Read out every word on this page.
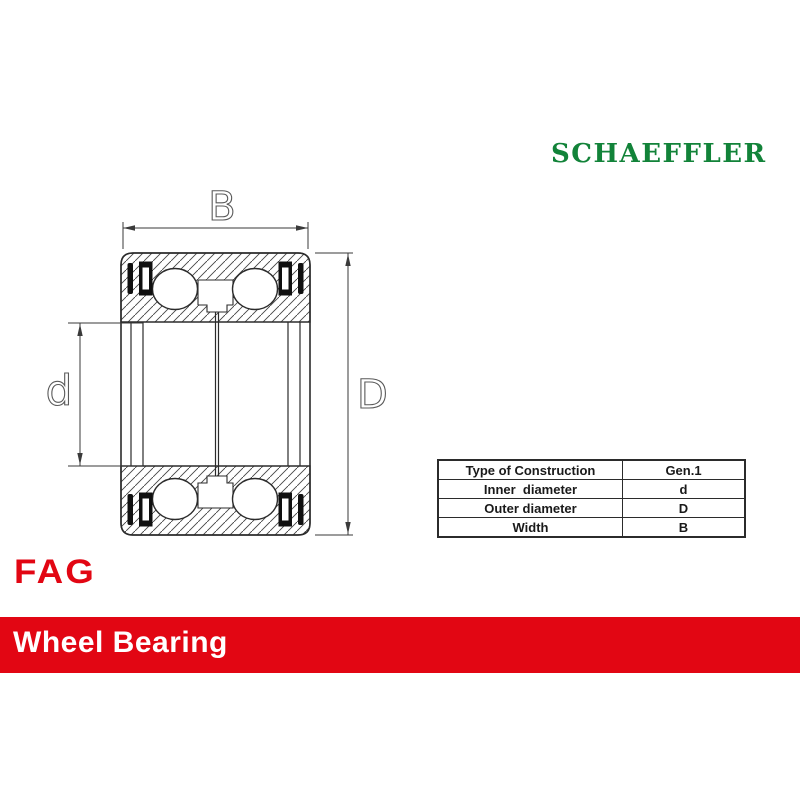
SCHAEFFLER
B
D
d
Type of Construction	Gen.1
Inner  diameter	d
Outer diameter	D
Width	B
FAG
Wheel Bearing
